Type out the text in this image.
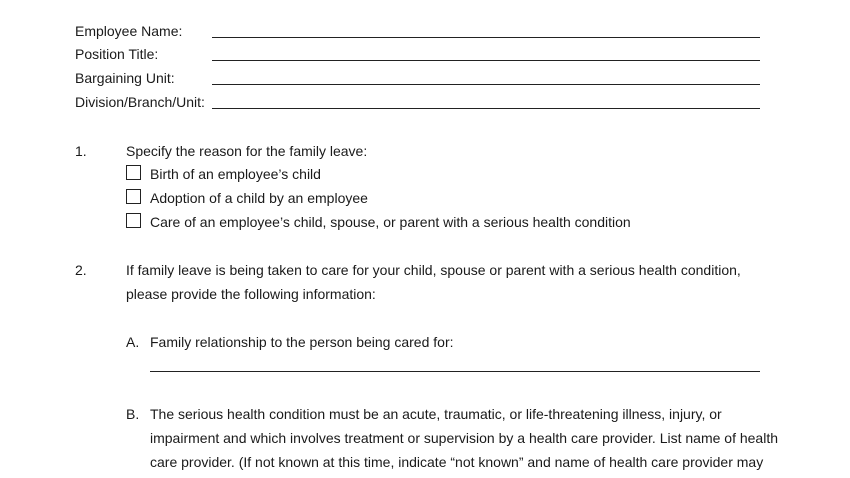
Employee Name:
Position Title:
Bargaining Unit:
Division/Branch/Unit:
1.	Specify the reason for the family leave:
Birth of an employee’s child
Adoption of a child by an employee
Care of an employee’s child, spouse, or parent with a serious health condition
2.	If family leave is being taken to care for your child, spouse or parent with a serious health condition,
please provide the following information:
A. Family relationship to the person being cared for:
B. The serious health condition must be an acute, traumatic, or life-threatening illness, injury, or
impairment and which involves treatment or supervision by a health care provider. List name of health
care provider. (If not known at this time, indicate “not known” and name of health care provider may
